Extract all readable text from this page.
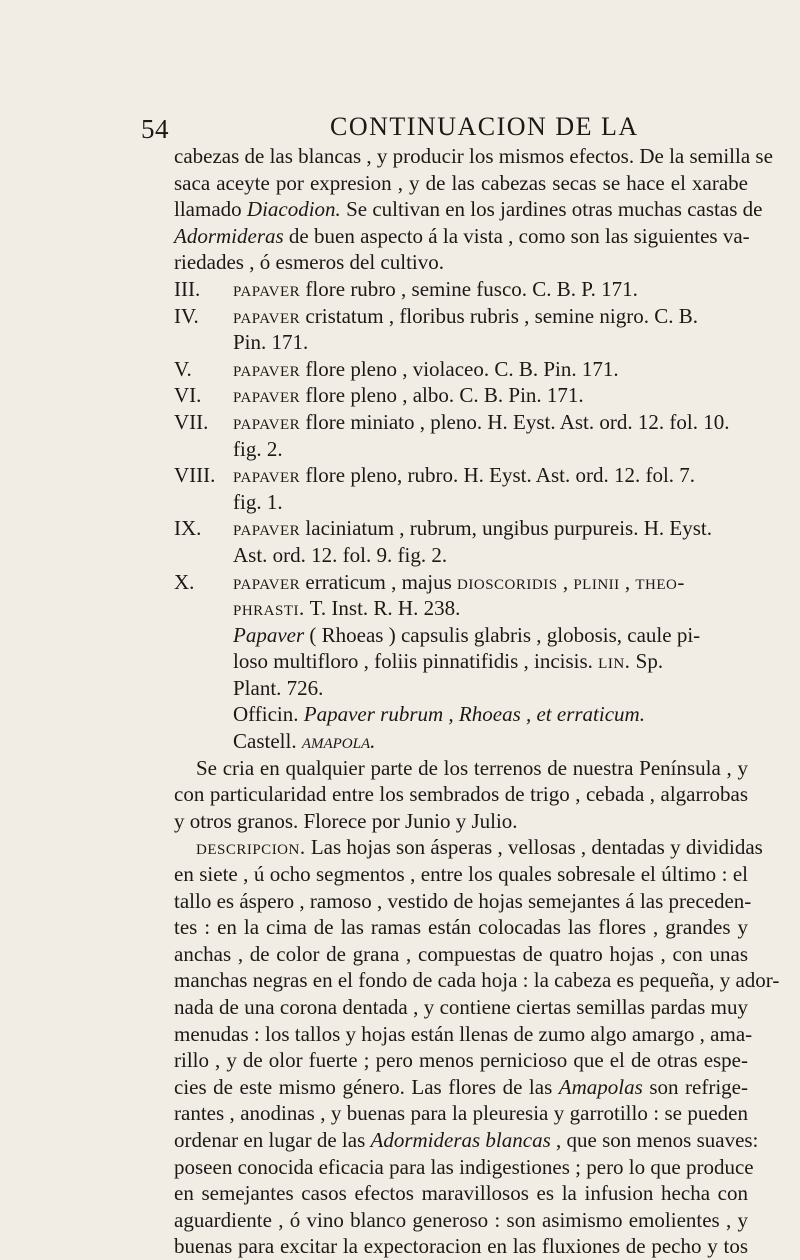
54	CONTINUACION DE LA
cabezas de las blancas , y producir los mismos efectos. De la semilla se
saca aceyte por expresion , y de las cabezas secas se hace el xarabe
llamado Diacodion. Se cultivan en los jardines otras muchas castas de
Adormideras de buen aspecto á la vista , como son las siguientes va-
riedades , ó esmeros del cultivo.
III. papaver flore rubro , semine fusco. C. B. P. 171.
IV. papaver cristatum , floribus rubris , semine nigro. C. B.
Pin. 171.
V. papaver flore pleno , violaceo. C. B. Pin. 171.
VI. papaver flore pleno , albo. C. B. Pin. 171.
VII. papaver flore miniato , pleno. H. Eyst. Ast. ord. 12. fol. 10.
fig. 2.
VIII. papaver flore pleno, rubro. H. Eyst. Ast. ord. 12. fol. 7.
fig. 1.
IX. papaver laciniatum , rubrum, ungibus purpureis. H. Eyst.
Ast. ord. 12. fol. 9. fig. 2.
X. papaver erraticum , majus dioscoridis , plinii , theo-
phrasti. T. Inst. R. H. 238.
Papaver ( Rhoeas ) capsulis glabris , globosis, caule pi-
loso multifloro , foliis pinnatifidis , incisis. lin. Sp.
Plant. 726.
Officin. Papaver rubrum , Rhoeas , et erraticum.
Castell. amapola.
Se cria en qualquier parte de los terrenos de nuestra Península , y
con particularidad entre los sembrados de trigo , cebada , algarrobas
y otros granos. Florece por Junio y Julio.
descripcion. Las hojas son ásperas , vellosas , dentadas y divididas
en siete , ú ocho segmentos , entre los quales sobresale el último : el
tallo es áspero , ramoso , vestido de hojas semejantes á las preceden-
tes : en la cima de las ramas están colocadas las flores , grandes y
anchas , de color de grana , compuestas de quatro hojas , con unas
manchas negras en el fondo de cada hoja : la cabeza es pequeña, y ador-
nada de una corona dentada , y contiene ciertas semillas pardas muy
menudas : los tallos y hojas están llenas de zumo algo amargo , ama-
rillo , y de olor fuerte ; pero menos pernicioso que el de otras espe-
cies de este mismo género. Las flores de las Amapolas son refrige-
rantes , anodinas , y buenas para la pleuresia y garrotillo : se pueden
ordenar en lugar de las Adormideras blancas , que son menos suaves:
poseen conocida eficacia para las indigestiones ; pero lo que produce
en semejantes casos efectos maravillosos es la infusion hecha con
aguardiente , ó vino blanco generoso : son asimismo emolientes , y
buenas para excitar la expectoracion en las fluxiones de pecho y tos
